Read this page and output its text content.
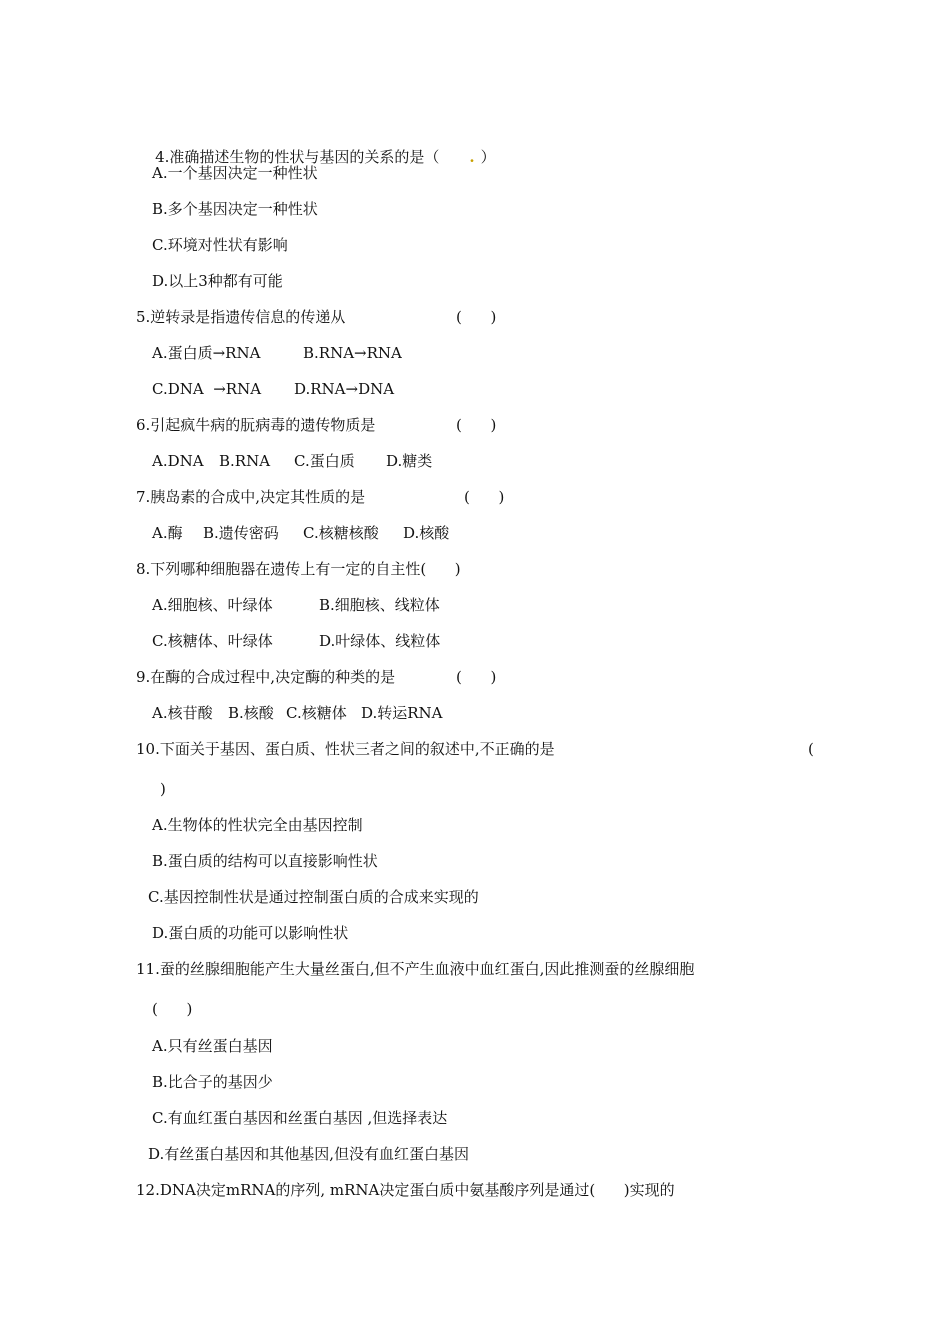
4.准确描述生物的性状与基因的关系的是（ . ）

A.一个基因决定一种性状
B.多个基因决定一种性状
C.环境对性状有影响
D.以上3种都有可能
5.逆转录是指遗传信息的传递从	(      )
A.蛋白质→RNA	B.RNA→RNA
C.DNA  →RNA D.RNA→DNA
6.引起疯牛病的朊病毒的遗传物质是	(      )
A.DNA B.RNA C.蛋白质 D.糖类
7.胰岛素的合成中,决定其性质的是	(      )
A.酶 B.遗传密码 C.核糖核酸 D.核酸
8.下列哪种细胞器在遗传上有一定的自主性(      )
A.细胞核、叶绿体	B.细胞核、线粒体
C.核糖体、叶绿体	D.叶绿体、线粒体
9.在酶的合成过程中,决定酶的种类的是	(      )
A.核苷酸 B.核酸 C.核糖体 D.转运RNA
10.下面关于基因、蛋白质、性状三者之间的叙述中,不正确的是	(
)
A.生物体的性状完全由基因控制
B.蛋白质的结构可以直接影响性状
C.基因控制性状是通过控制蛋白质的合成来实现的
D.蛋白质的功能可以影响性状
11.蚕的丝腺细胞能产生大量丝蛋白,但不产生血液中血红蛋白,因此推测蚕的丝腺细胞
(      )
A.只有丝蛋白基因
B.比合子的基因少
C.有血红蛋白基因和丝蛋白基因 ,但选择表达
D.有丝蛋白基因和其他基因,但没有血红蛋白基因
12.DNA决定mRNA的序列, mRNA决定蛋白质中氨基酸序列是通过(      )实现的
